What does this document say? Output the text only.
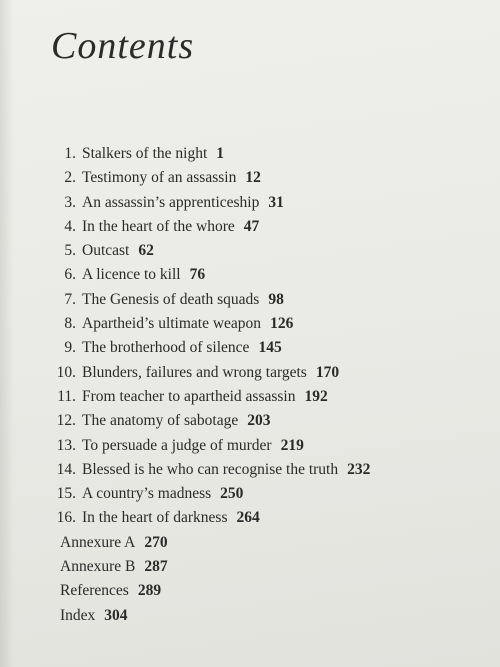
Contents
1. Stalkers of the night 1
2. Testimony of an assassin 12
3. An assassin’s apprenticeship 31
4. In the heart of the whore 47
5. Outcast 62
6. A licence to kill 76
7. The Genesis of death squads 98
8. Apartheid’s ultimate weapon 126
9. The brotherhood of silence 145
10. Blunders, failures and wrong targets 170
11. From teacher to apartheid assassin 192
12. The anatomy of sabotage 203
13. To persuade a judge of murder 219
14. Blessed is he who can recognise the truth 232
15. A country’s madness 250
16. In the heart of darkness 264
Annexure A 270
Annexure B 287
References 289
Index 304
